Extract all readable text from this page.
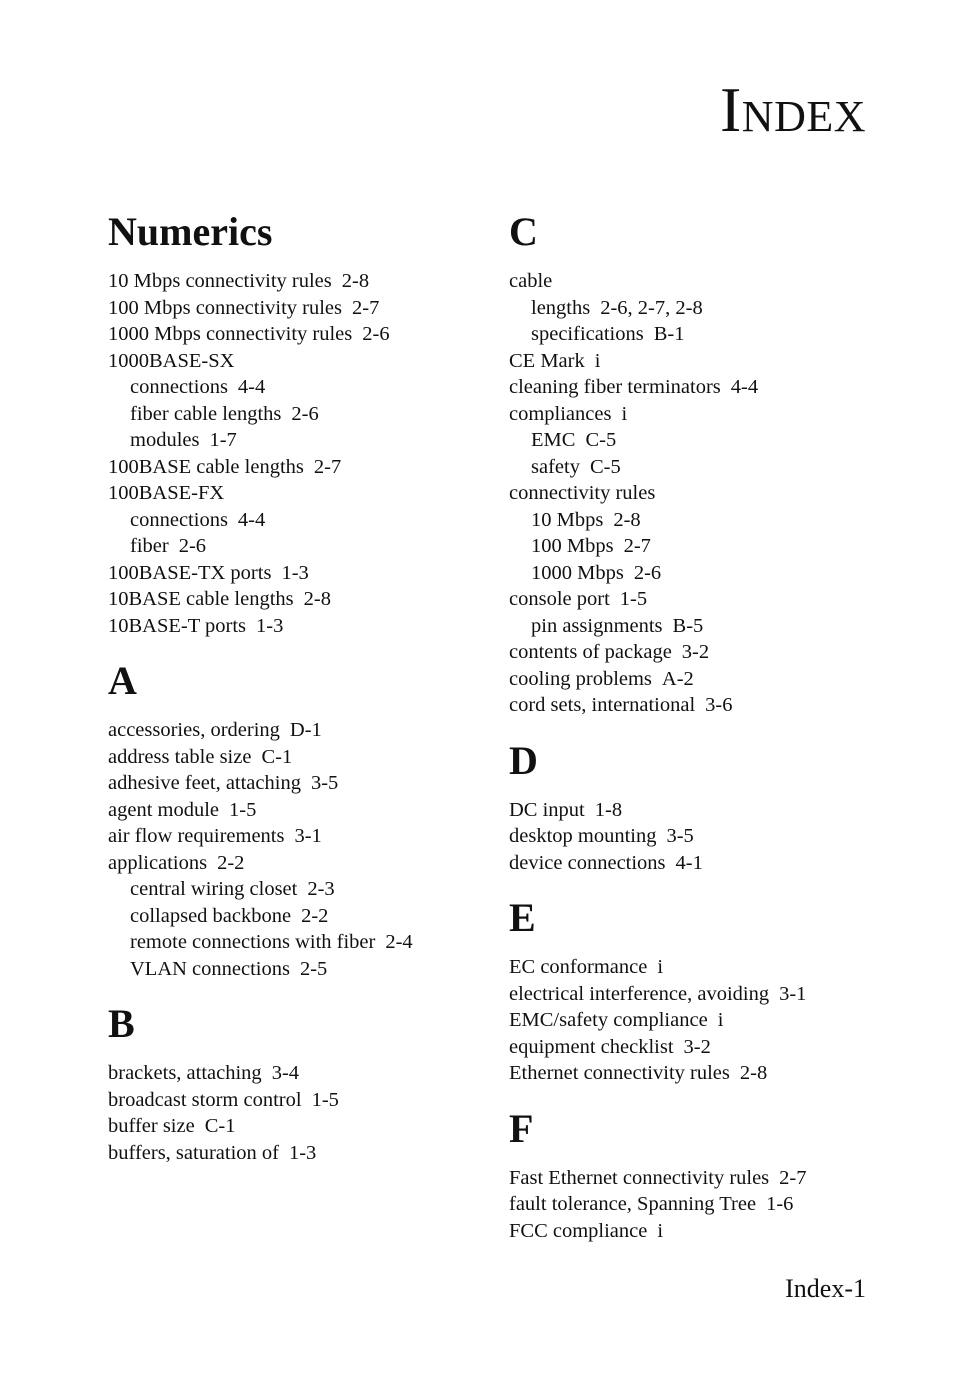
INDEX
Numerics
10 Mbps connectivity rules 2-8
100 Mbps connectivity rules 2-7
1000 Mbps connectivity rules 2-6
1000BASE-SX
connections 4-4
fiber cable lengths 2-6
modules 1-7
100BASE cable lengths 2-7
100BASE-FX
connections 4-4
fiber 2-6
100BASE-TX ports 1-3
10BASE cable lengths 2-8
10BASE-T ports 1-3
A
accessories, ordering D-1
address table size C-1
adhesive feet, attaching 3-5
agent module 1-5
air flow requirements 3-1
applications 2-2
central wiring closet 2-3
collapsed backbone 2-2
remote connections with fiber 2-4
VLAN connections 2-5
B
brackets, attaching 3-4
broadcast storm control 1-5
buffer size C-1
buffers, saturation of 1-3
C
cable
lengths 2-6, 2-7, 2-8
specifications B-1
CE Mark i
cleaning fiber terminators 4-4
compliances i
EMC C-5
safety C-5
connectivity rules
10 Mbps 2-8
100 Mbps 2-7
1000 Mbps 2-6
console port 1-5
pin assignments B-5
contents of package 3-2
cooling problems A-2
cord sets, international 3-6
D
DC input 1-8
desktop mounting 3-5
device connections 4-1
E
EC conformance i
electrical interference, avoiding 3-1
EMC/safety compliance i
equipment checklist 3-2
Ethernet connectivity rules 2-8
F
Fast Ethernet connectivity rules 2-7
fault tolerance, Spanning Tree 1-6
FCC compliance i
Index-1
